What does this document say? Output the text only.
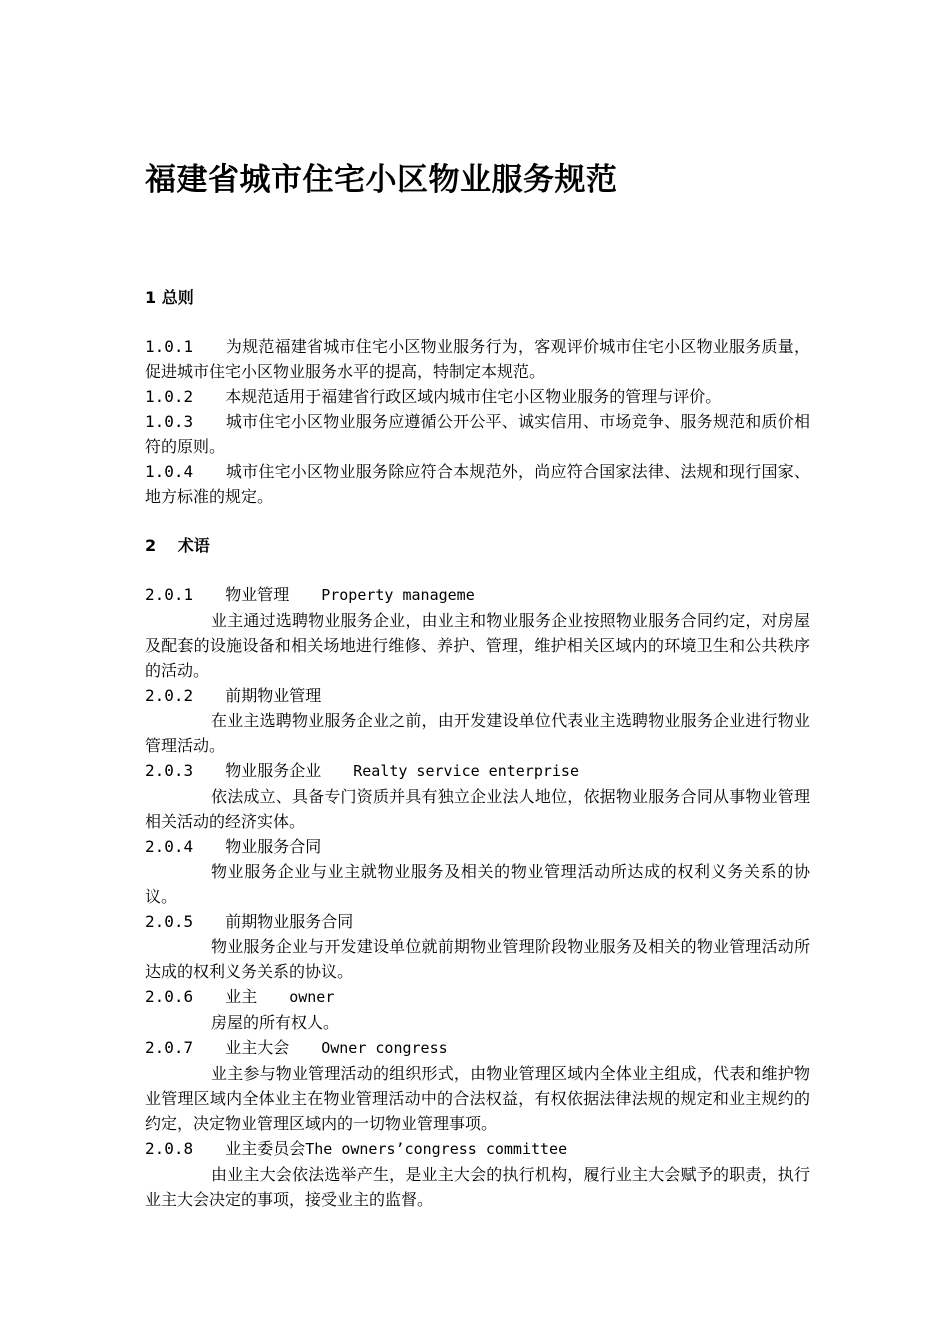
福建省城市住宅小区物业服务规范

1 总则

1.0.1　　 为规范福建省城市住宅小区物业服务行为，客观评价城市住宅小区物业服务质量，促进城市住宅小区物业服务水平的提高，特制定本规范。

1.0.2　　 本规范适用于福建省行政区域内城市住宅小区物业服务的管理与评价。

1.0.3　　 城市住宅小区物业服务应遵循公开公平、诚实信用、市场竞争、服务规范和质价相符的原则。

1.0.4　　 城市住宅小区物业服务除应符合本规范外，尚应符合国家法律、法规和现行国家、地方标准的规定。

2　 术语

2.0.1　　 物业管理　　 Property manageme

业主通过选聘物业服务企业，由业主和物业服务企业按照物业服务合同约定，对房屋及配套的设施设备和相关场地进行维修、养护、管理，维护相关区域内的环境卫生和公共秩序的活动。

2.0.2　　 前期物业管理

在业主选聘物业服务企业之前，由开发建设单位代表业主选聘物业服务企业进行物业管理活动。

2.0.3　　 物业服务企业　　 Realty service enterprise

依法成立、具备专门资质并具有独立企业法人地位，依据物业服务合同从事物业管理相关活动的经济实体。

2.0.4　　 物业服务合同

物业服务企业与业主就物业服务及相关的物业管理活动所达成的权利义务关系的协议。

2.0.5　　 前期物业服务合同

物业服务企业与开发建设单位就前期物业管理阶段物业服务及相关的物业管理活动所达成的权利义务关系的协议。

2.0.6　　 业主　　 owner

房屋的所有权人。

2.0.7　　 业主大会　　 Owner congress

业主参与物业管理活动的组织形式，由物业管理区域内全体业主组成，代表和维护物业管理区域内全体业主在物业管理活动中的合法权益，有权依据法律法规的规定和业主规约的约定，决定物业管理区域内的一切物业管理事项。

2.0.8　　 业主委员会The owners’congress committee

由业主大会依法选举产生，是业主大会的执行机构，履行业主大会赋予的职责，执行业主大会决定的事项，接受业主的监督。
